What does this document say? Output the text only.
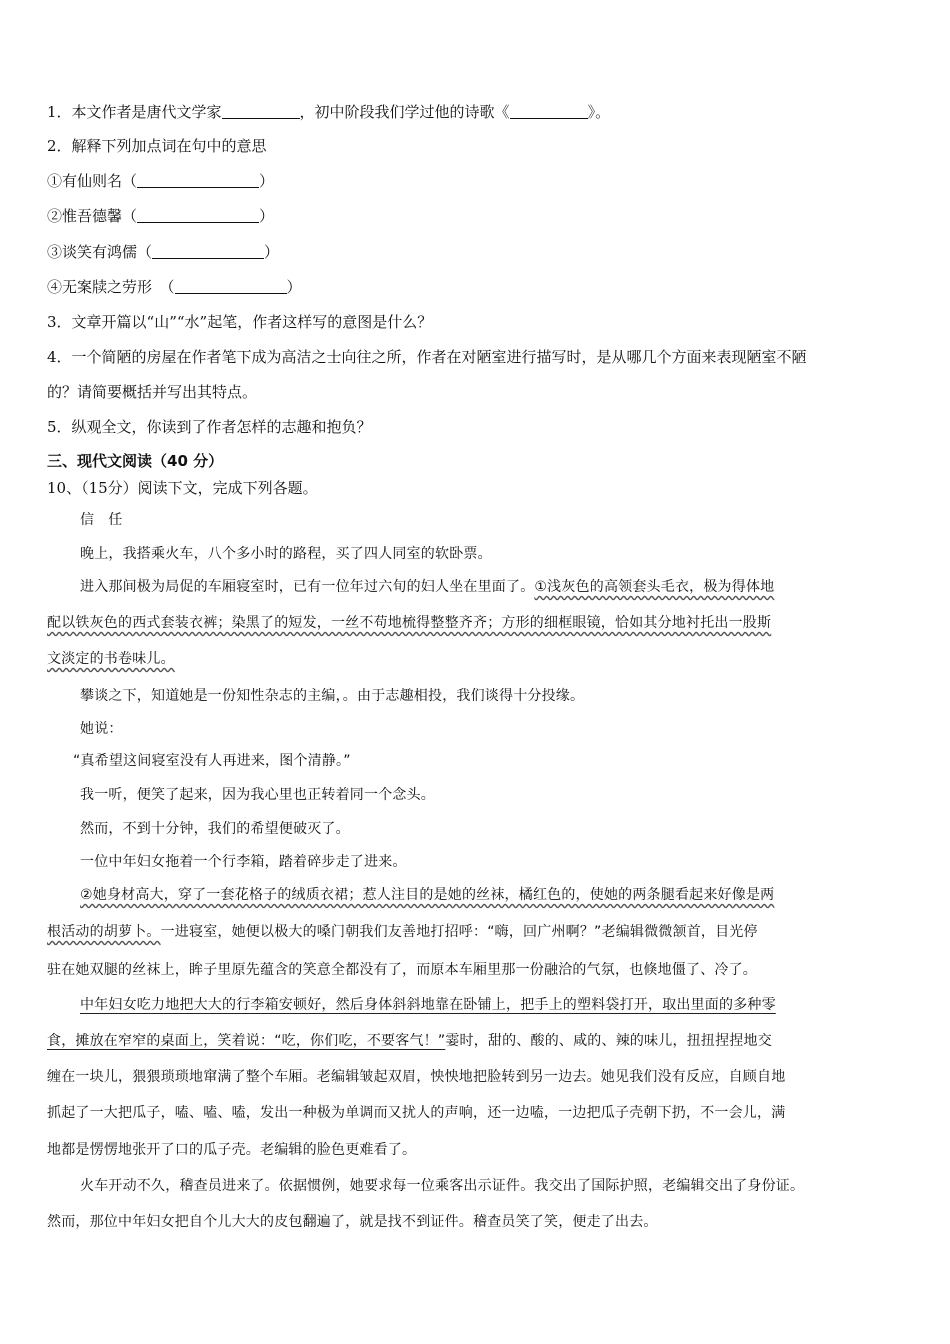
1．本文作者是唐代文学家	，初中阶段我们学过他的诗歌《	》。
2．解释下列加点词在句中的意思
①有仙则名（	）
②惟吾德馨（	）
③谈笑有鸿儒（	）
④无案牍之劳形　（	）
3．文章开篇以“山”“水”起笔，作者这样写的意图是什么？
4．一个简陋的房屋在作者笔下成为高洁之士向往之所，作者在对陋室进行描写时，是从哪几个方面来表现陋室不陋
的？请简要概括并写出其特点。
5．纵观全文，你读到了作者怎样的志趣和抱负？
三、现代文阅读（40 分）
10、（15分）阅读下文，完成下列各题。
信　任
晚上，我搭乘火车，八个多小时的路程，买了四人同室的软卧票。
进入那间极为局促的车厢寝室时，已有一位年过六旬的妇人坐在里面了。①浅灰色的高领套头毛衣，极为得体地
配以铁灰色的西式套装衣裤；染黑了的短发，一丝不苟地梳得整整齐齐；方形的细框眼镜，恰如其分地衬托出一股斯
文淡定的书卷味儿。
攀谈之下，知道她是一份知性杂志的主编，。由于志趣相投，我们谈得十分投缘。
她说：
“真希望这间寝室没有人再进来，图个清静。”
我一听，便笑了起来，因为我心里也正转着同一个念头。
然而，不到十分钟，我们的希望便破灭了。
一位中年妇女拖着一个行李箱，踏着碎步走了进来。
②她身材高大，穿了一套花格子的绒质衣裙；惹人注目的是她的丝袜，橘红色的，使她的两条腿看起来好像是两
根活动的胡萝卜。一进寝室，她便以极大的嗓门朝我们友善地打招呼：“嗨，回广州啊？”老编辑微微颔首，目光停
驻在她双腿的丝袜上，眸子里原先蕴含的笑意全都没有了，而原本车厢里那一份融洽的气氛，也倏地僵了、冷了。
中年妇女吃力地把大大的行李箱安顿好，然后身体斜斜地靠在卧铺上，把手上的塑料袋打开，取出里面的多种零
食，摊放在窄窄的桌面上，笑着说：“吃，你们吃，不要客气！”霎时，甜的、酸的、咸的、辣的味儿，扭扭捏捏地交
缠在一块儿，猥猥琐琐地窜满了整个车厢。老编辑皱起双眉，怏怏地把脸转到另一边去。她见我们没有反应，自顾自地
抓起了一大把瓜子，嗑、嗑、嗑，发出一种极为单调而又扰人的声响，还一边嗑，一边把瓜子壳朝下扔，不一会儿，满
地都是愣愣地张开了口的瓜子壳。老编辑的脸色更难看了。
火车开动不久，稽查员进来了。依据惯例，她要求每一位乘客出示证件。我交出了国际护照，老编辑交出了身份证。
然而，那位中年妇女把自个儿大大的皮包翻遍了，就是找不到证件。稽查员笑了笑，便走了出去。
